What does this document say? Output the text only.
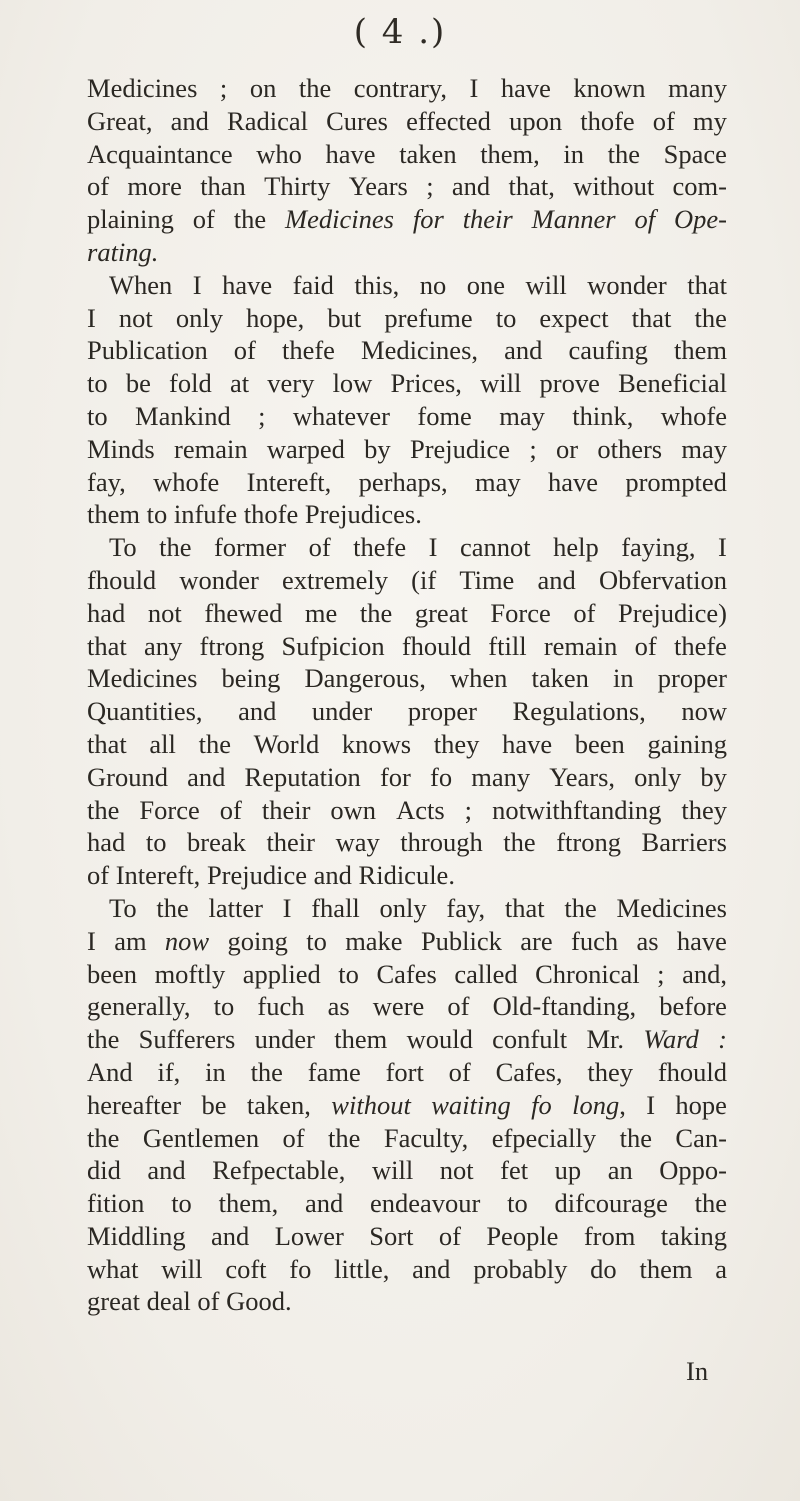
( 4 .)
Medicines ; on the contrary, I have known many
Great, and Radical Cures effected upon thofe of my
Acquaintance who have taken them, in the Space
of more than Thirty Years ; and that, without com-
plaining of the Medicines for their Manner of Ope-
rating.
When I have faid this, no one will wonder that
I not only hope, but prefume to expect that the
Publication of thefe Medicines, and caufing them
to be fold at very low Prices, will prove Beneficial
to Mankind ; whatever fome may think, whofe
Minds remain warped by Prejudice ; or others may
fay, whofe Intereft, perhaps, may have prompted
them
to
infufe
thofe
Prejudices.
To the former of thefe I cannot help faying, I
fhould wonder extremely (if Time and Obfervation
had not fhewed me the great Force of Prejudice)
that any ftrong Sufpicion fhould ftill remain of thefe
Medicines being Dangerous, when taken in proper
Quantities, and under proper Regulations, now
that all the World knows they have been gaining
Ground and Reputation for fo many Years, only by
the Force of their own Acts ; notwithftanding they
had to break their way through the ftrong Barriers
of
Intereft,
Prejudice
and
Ridicule.
To the latter I fhall only fay, that the Medicines
I am now going to make Publick are fuch as have
been moftly applied to Cafes called Chronical ; and,
generally, to fuch as were of Old-ftanding, before
the Sufferers under them would confult Mr. Ward :
And if, in the fame fort of Cafes, they fhould
hereafter be taken, without waiting fo long, I hope
the Gentlemen of the Faculty, efpecially the Can-
did and Refpectable, will not fet up an Oppo-
fition to them, and endeavour to difcourage the
Middling and Lower Sort of People from taking
what will coft fo little, and probably do them a
great
deal
of
Good.
In
